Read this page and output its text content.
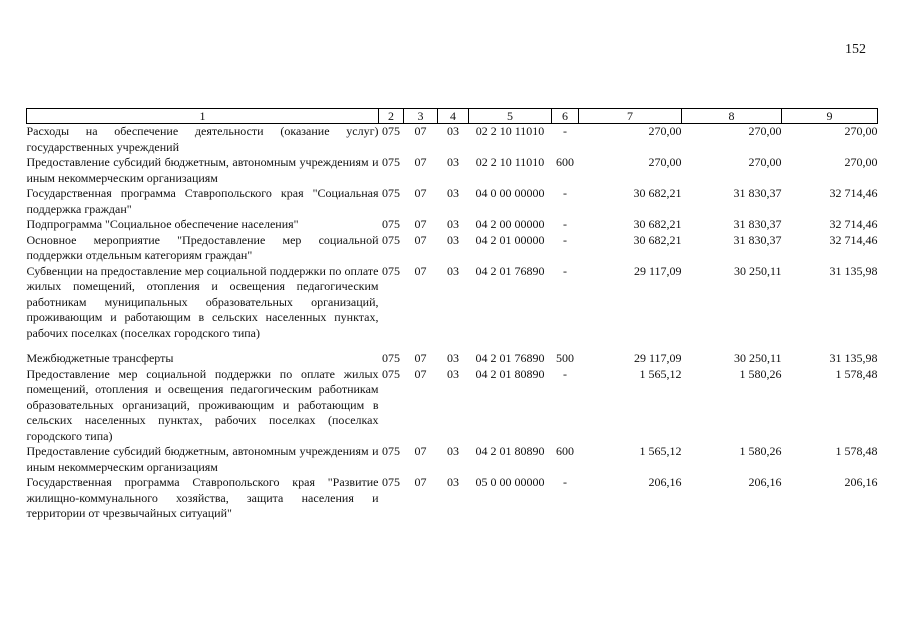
152
1	2	3	4	5	6	7	8	9
Расходы на обеспечение деятельности (оказание услуг) государственных учреждений	075	07	03	02 2 10 11010	-	270,00	270,00	270,00
Предоставление субсидий бюджетным, автономным учреждениям и иным некоммерческим организациям	075	07	03	02 2 10 11010	600	270,00	270,00	270,00
Государственная программа Ставропольского края "Социальная поддержка граждан"	075	07	03	04 0 00 00000	-	30 682,21	31 830,37	32 714,46
Подпрограмма "Социальное обеспечение населения"	075	07	03	04 2 00 00000	-	30 682,21	31 830,37	32 714,46
Основное мероприятие "Предоставление мер социальной поддержки отдельным категориям граждан"	075	07	03	04 2 01 00000	-	30 682,21	31 830,37	32 714,46
Субвенции на предоставление мер социальной поддержки по оплате жилых помещений, отопления и освещения педагогическим работникам муниципальных образовательных организаций, проживающим и работающим в сельских населенных пунктах, рабочих поселках (поселках городского типа)	075	07	03	04 2 01 76890	-	29 117,09	30 250,11	31 135,98

Межбюджетные трансферты	075	07	03	04 2 01 76890	500	29 117,09	30 250,11	31 135,98
Предоставление мер социальной поддержки по оплате жилых помещений, отопления и освещения педагогическим работникам образовательных организаций, проживающим и работающим в сельских населенных пунктах, рабочих поселках (поселках городского типа)	075	07	03	04 2 01 80890	-	1 565,12	1 580,26	1 578,48
Предоставление субсидий бюджетным, автономным учреждениям и иным некоммерческим организациям	075	07	03	04 2 01 80890	600	1 565,12	1 580,26	1 578,48
Государственная программа Ставропольского края "Развитие жилищно-коммунального хозяйства, защита населения и территории от чрезвычайных ситуаций"	075	07	03	05 0 00 00000	-	206,16	206,16	206,16
